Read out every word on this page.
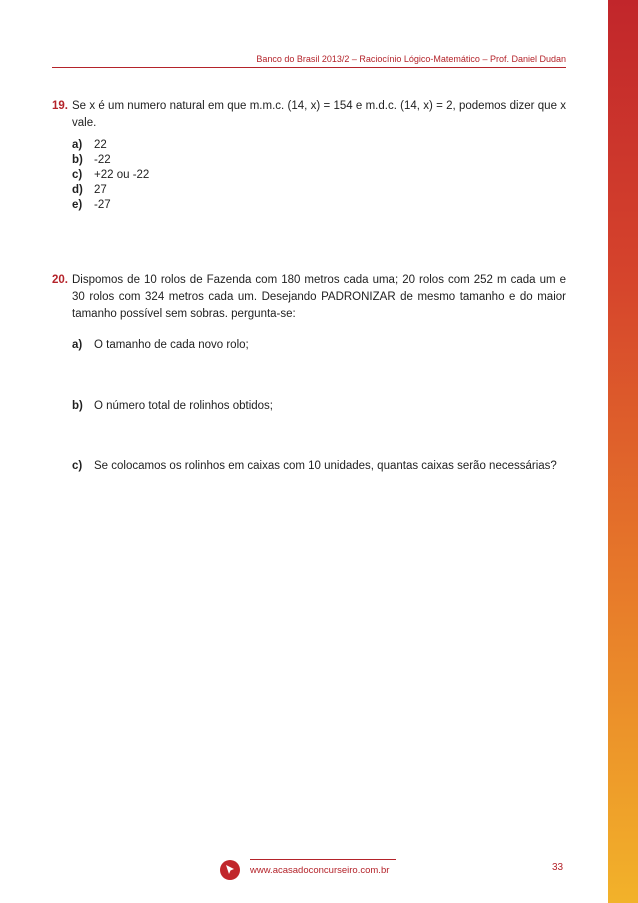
Banco do Brasil 2013/2 – Raciocínio Lógico-Matemático – Prof. Daniel Dudan
19. Se x é um numero natural em que m.m.c. (14, x) = 154 e m.d.c. (14, x) = 2, podemos dizer que x vale.
a) 22
b) -22
c) +22 ou -22
d) 27
e) -27
20. Dispomos de 10 rolos de Fazenda com 180 metros cada uma; 20 rolos com 252 m cada um e 30 rolos com 324 metros cada um. Desejando PADRONIZAR de mesmo tamanho e do maior tamanho possível sem sobras. pergunta-se:
a) O tamanho de cada novo rolo;
b) O número total de rolinhos obtidos;
c) Se colocamos os rolinhos em caixas com 10 unidades, quantas caixas serão necessárias?
www.acasadoconcurseiro.com.br	33
